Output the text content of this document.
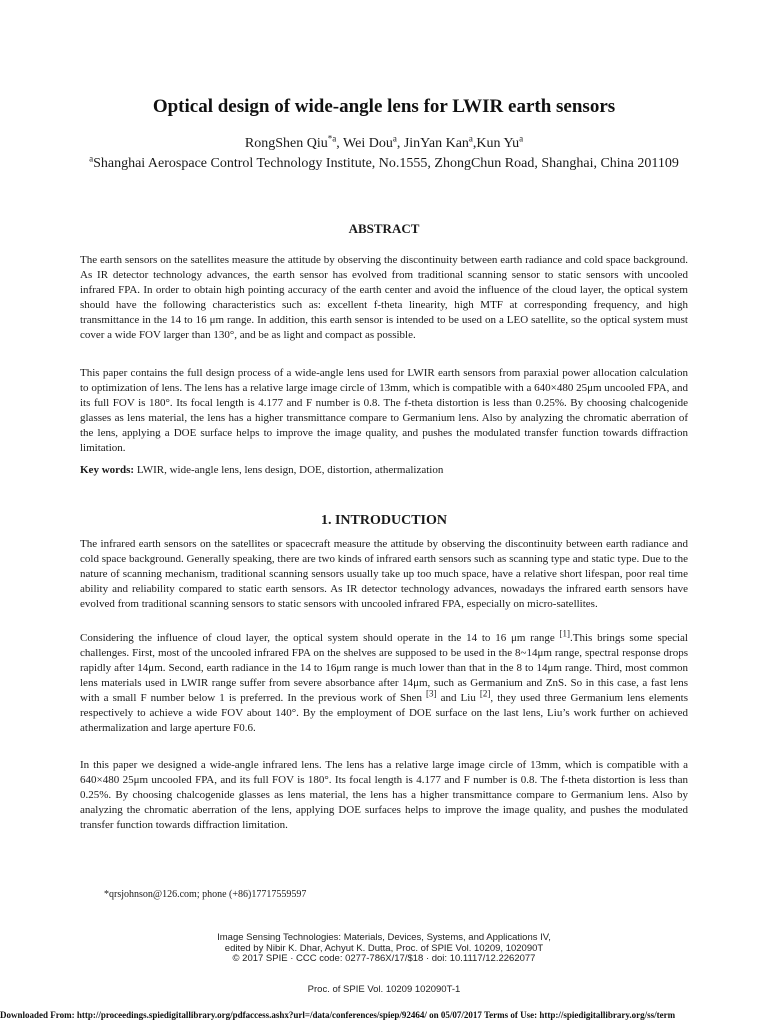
Optical design of wide-angle lens for LWIR earth sensors
RongShen Qiu$^{*a}$, Wei Dou$^a$, JinYan Kan$^a$,Kun Yu$^a$
$^a$Shanghai Aerospace Control Technology Institute, No.1555, ZhongChun Road, Shanghai, China 201109
ABSTRACT

The earth sensors on the satellites measure the attitude by observing the discontinuity between earth radiance and cold space background. As IR detector technology advances, the earth sensor has evolved from traditional scanning sensor to static sensors with uncooled infrared FPA. In order to obtain high pointing accuracy of the earth center and avoid the influence of the cloud layer, the optical system should have the following characteristics such as: excellent f-theta linearity, high MTF at corresponding frequency, and high transmittance in the 14 to 16 μm range. In addition, this earth sensor is intended to be used on a LEO satellite, so the optical system must cover a wide FOV larger than 130°, and be as light and compact as possible.

This paper contains the full design process of a wide-angle lens used for LWIR earth sensors from paraxial power allocation calculation to optimization of lens. The lens has a relative large image circle of 13mm, which is compatible with a 640×480 25μm uncooled FPA, and its full FOV is 180°. Its focal length is 4.177 and F number is 0.8. The f-theta distortion is less than 0.25%. By choosing chalcogenide glasses as lens material, the lens has a higher transmittance compare to Germanium lens. Also by analyzing the chromatic aberration of the lens, applying a DOE surface helps to improve the image quality, and pushes the modulated transfer function towards diffraction limitation.

Key words: LWIR, wide-angle lens, lens design, DOE, distortion, athermalization
1. INTRODUCTION

The infrared earth sensors on the satellites or spacecraft measure the attitude by observing the discontinuity between earth radiance and cold space background. Generally speaking, there are two kinds of infrared earth sensors such as scanning type and static type. Due to the nature of scanning mechanism, traditional scanning sensors usually take up too much space, have a relative short lifespan, poor real time ability and reliability compared to static earth sensors. As IR detector technology advances, nowadays the infrared earth sensors have evolved from traditional scanning sensors to static sensors with uncooled infrared FPA, especially on micro-satellites.

Considering the influence of cloud layer, the optical system should operate in the 14 to 16 μm range [1].This brings some special challenges. First, most of the uncooled infrared FPA on the shelves are supposed to be used in the 8~14μm range, spectral response drops rapidly after 14μm. Second, earth radiance in the 14 to 16μm range is much lower than that in the 8 to 14μm range. Third, most common lens materials used in LWIR range suffer from severe absorbance after 14μm, such as Germanium and ZnS. So in this case, a fast lens with a small F number below 1 is preferred. In the previous work of Shen [3] and Liu [2], they used three Germanium lens elements respectively to achieve a wide FOV about 140°. By the employment of DOE surface on the last lens, Liu’s work further on achieved athermalization and large aperture F0.6.

In this paper we designed a wide-angle infrared lens. The lens has a relative large image circle of 13mm, which is compatible with a 640×480 25μm uncooled FPA, and its full FOV is 180°. Its focal length is 4.177 and F number is 0.8. The f-theta distortion is less than 0.25%. By choosing chalcogenide glasses as lens material, the lens has a higher transmittance compare to Germanium lens. Also by analyzing the chromatic aberration of the lens, applying DOE surfaces helps to improve the image quality, and pushes the modulated transfer function towards diffraction limitation.

*qrsjohnson@126.com; phone (+86)17717559597
Image Sensing Technologies: Materials, Devices, Systems, and Applications IV,
edited by Nibir K. Dhar, Achyut K. Dutta, Proc. of SPIE Vol. 10209, 102090T
© 2017 SPIE · CCC code: 0277-786X/17/$18 · doi: 10.1117/12.2262077
Proc. of SPIE Vol. 10209 102090T-1
Downloaded From: http://proceedings.spiedigitallibrary.org/pdfaccess.ashx?url=/data/conferences/spiep/92464/ on 05/07/2017 Terms of Use: http://spiedigitallibrary.org/ss/term
